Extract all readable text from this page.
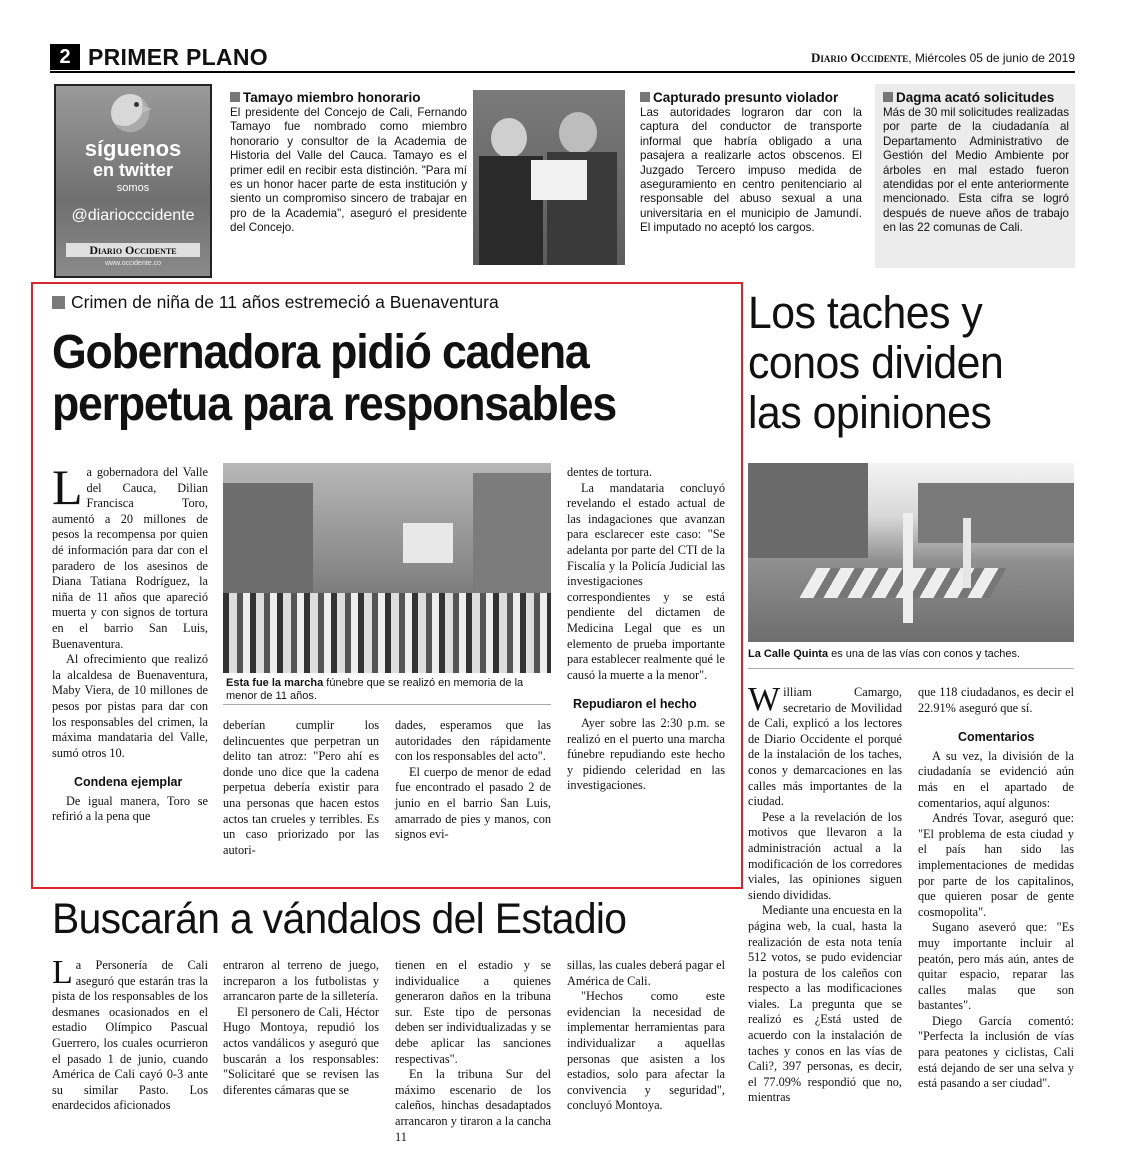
2 PRIMER PLANO	Diario Occidente, Miércoles 05 de junio de 2019
síguenos
en twitter
somos
@diariocccidente
Diario Occidente
www.occidente.co
Tamayo miembro honorario

El presidente del Concejo de Cali, Fernando Tamayo fue nombrado como miembro honorario y consultor de la Academia de Historia del Valle del Cauca. Tamayo es el primer edil en recibir esta distinción. "Para mí es un honor hacer parte de esta institución y siento un compromiso sincero de trabajar en pro de la Academia", aseguró el presidente del Concejo.

Capturado presunto violador

Las autoridades lograron dar con la captura del conductor de transporte informal que habría obligado a una pasajera a realizarle actos obscenos. El Juzgado Tercero impuso medida de aseguramiento en centro penitenciario al responsable del abuso sexual a una universitaria en el municipio de Jamundí. El imputado no aceptó los cargos.

Dagma acató solicitudes

Más de 30 mil solicitudes realizadas por parte de la ciudadanía al Departamento Administrativo de Gestión del Medio Ambiente por árboles en mal estado fueron atendidas por el ente anteriormente mencionado. Esta cifra se logró después de nueve años de trabajo en las 22 comunas de Cali.

Crimen de niña de 11 años estremeció a Buenaventura
Gobernadora pidió cadena
perpetua para responsables

La gobernadora del Valle del Cauca, Dilian Francisca Toro, aumentó a 20 millones de pesos la recompensa por quien dé información para dar con el paradero de los asesinos de Diana Tatiana Rodríguez, la niña de 11 años que apareció muerta y con signos de tortura en el barrio San Luis, Buenaventura.

Al ofrecimiento que realizó la alcaldesa de Buenaventura, Maby Viera, de 10 millones de pesos por pistas para dar con los responsables del crimen, la máxima mandataria del Valle, sumó otros 10.

Condena ejemplar

De igual manera, Toro se refirió a la pena que

Esta fue la marcha fúnebre que se realizó en memoria de la menor de 11 años.

deberían cumplir los delincuentes que perpetran un delito tan atroz: "Pero ahí es donde uno dice que la cadena perpetua debería existir para una personas que hacen estos actos tan crueles y terribles. Es un caso priorizado por las autori-

dades, esperamos que las autoridades den rápidamente con los responsables del acto".

El cuerpo de menor de edad fue encontrado el pasado 2 de junio en el barrio San Luis, amarrado de pies y manos, con signos evi-

dentes de tortura.

La mandataria concluyó revelando el estado actual de las indagaciones que avanzan para esclarecer este caso: "Se adelanta por parte del CTI de la Fiscalía y la Policía Judicial las investigaciones correspondientes y se está pendiente del dictamen de Medicina Legal que es un elemento de prueba importante para establecer realmente qué le causó la muerte a la menor".

Repudiaron el hecho

Ayer sobre las 2:30 p.m. se realizó en el puerto una marcha fúnebre repudiando este hecho y pidiendo celeridad en las investigaciones.

Los taches y
conos dividen
las opiniones
La Calle Quinta es una de las vías con conos y taches.

William Camargo, secretario de Movilidad de Cali, explicó a los lectores de Diario Occidente el porqué de la instalación de los taches, conos y demarcaciones en las calles más importantes de la ciudad.

Pese a la revelación de los motivos que llevaron a la administración actual a la modificación de los corredores viales, las opiniones siguen siendo divididas.

Mediante una encuesta en la página web, la cual, hasta la realización de esta nota tenía 512 votos, se pudo evidenciar la postura de los caleños con respecto a las modificaciones viales. La pregunta que se realizó es ¿Está usted de acuerdo con la instalación de taches y conos en las vías de Cali?, 397 personas, es decir, el 77.09% respondió que no, mientras

que 118 ciudadanos, es decir el 22.91% aseguró que sí.

Comentarios

A su vez, la división de la ciudadanía se evidenció aún más en el apartado de comentarios, aquí algunos:

Andrés Tovar, aseguró que: "El problema de esta ciudad y el país han sido las implementaciones de medidas por parte de los capitalinos, que quieren posar de gente cosmopolita".

Sugano aseveró que: "Es muy importante incluir al peatón, pero más aún, antes de quitar espacio, reparar las calles malas que son bastantes".

Diego García comentó: "Perfecta la inclusión de vías para peatones y ciclistas, Cali está dejando de ser una selva y está pasando a ser ciudad".

Buscarán a vándalos del Estadio

La Personería de Cali aseguró que estarán tras la pista de los responsables de los desmanes ocasionados en el estadio Olímpico Pascual Guerrero, los cuales ocurrieron el pasado 1 de junio, cuando América de Cali cayó 0-3 ante su similar Pasto. Los enardecidos aficionados

entraron al terreno de juego, increparon a los futbolistas y arrancaron parte de la silletería.

El personero de Cali, Héctor Hugo Montoya, repudió los actos vandálicos y aseguró que buscarán a los responsables: "Solicitaré que se revisen las diferentes cámaras que se

tienen en el estadio y se individualice a quienes generaron daños en la tribuna sur. Este tipo de personas deben ser individualizadas y se debe aplicar las sanciones respectivas".

En la tribuna Sur del máximo escenario de los caleños, hinchas desadaptados arrancaron y tiraron a la cancha 11

sillas, las cuales deberá pagar el América de Cali.

"Hechos como este evidencian la necesidad de implementar herramientas para individualizar a aquellas personas que asisten a los estadios, solo para afectar la convivencia y seguridad", concluyó Montoya.
